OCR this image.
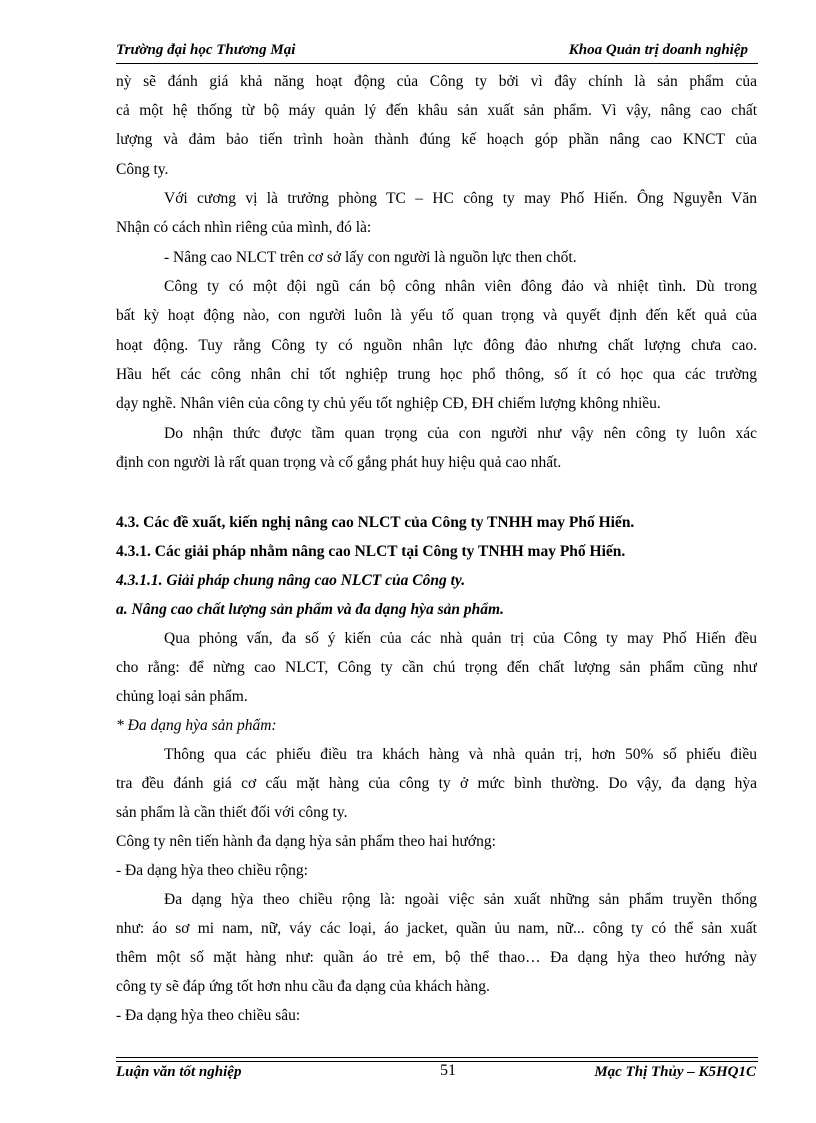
Trường đại học Thương Mại	Khoa Quản trị doanh nghiệp
nỳ sẽ đánh giá khả năng hoạt động của Công ty bởi vì đây chính là sản phẩm của
cả một hệ thống từ bộ máy quản lý đến khâu sản xuất sản phẩm. Vì vậy, nâng cao chất
lượng và đảm bảo tiến trình hoàn thành đúng kế hoạch góp phần nâng cao KNCT của
Công ty.
Với cương vị là trưởng phòng TC – HC công ty may Phố Hiến. Ông Nguyễn Văn
Nhận có cách nhìn riêng của mình, đó là:
- Nâng cao NLCT trên cơ sở lấy con người là nguồn lực then chốt.
Công ty có một đội ngũ cán bộ công nhân viên đông đảo và nhiệt tình. Dù trong
bất kỳ hoạt động nào, con người luôn là yếu tố quan trọng và quyết định đến kết quả của
hoạt động. Tuy rằng Công ty có nguồn nhân lực đông đảo nhưng chất lượng chưa cao.
Hầu hết các công nhân chỉ tốt nghiệp trung học phổ thông, số ít có học qua các trường
dạy nghề. Nhân viên của công ty chủ yếu tốt nghiệp CĐ, ĐH chiếm lượng không nhiều.
Do nhận thức được tầm quan trọng của con người như vậy nên công ty luôn xác
định con người là rất quan trọng và cố gắng phát huy hiệu quả cao nhất.
4.3. Các đề xuất, kiến nghị nâng cao NLCT của Công ty TNHH may Phố Hiến.
4.3.1. Các giải pháp nhằm nâng cao NLCT tại Công ty TNHH may Phố Hiến.
4.3.1.1. Giải pháp chung nâng cao NLCT của Công ty.
a. Nâng cao chất lượng sản phẩm và đa dạng hỳa sản phẩm.
Qua phỏng vấn, đa số ý kiến của các nhà quản trị của Công ty may Phố Hiến đều
cho rằng: để nừng cao NLCT, Công ty cần chú trọng đến chất lượng sản phẩm cũng như
chủng loại sản phẩm.
* Đa dạng hỳa sản phẩm:
Thông qua các phiếu điều tra khách hàng và nhà quản trị, hơn 50% số phiếu điều
tra đều đánh giá cơ cấu mặt hàng của công ty ở mức bình thường. Do vậy, đa dạng hỳa
sản phẩm là cần thiết đối với công ty.
Công ty nên tiến hành đa dạng hỳa sản phẩm theo hai hướng:
- Đa dạng hỳa theo chiều rộng:
Đa dạng hỳa theo chiều rộng là: ngoài việc sản xuất những sản phẩm truyền thống
như: áo sơ mi nam, nữ, váy các loại, áo jacket, quần ủu nam, nữ... công ty có thể sản xuất
thêm một số mặt hàng như: quần áo trẻ em, bộ thể thao… Đa dạng hỳa theo hướng này
công ty sẽ đáp ứng tốt hơn nhu cầu đa dạng của khách hàng.
- Đa dạng hỳa theo chiều sâu:
Luận văn tốt nghiệp	51	Mạc Thị Thủy – K5HQ1C
